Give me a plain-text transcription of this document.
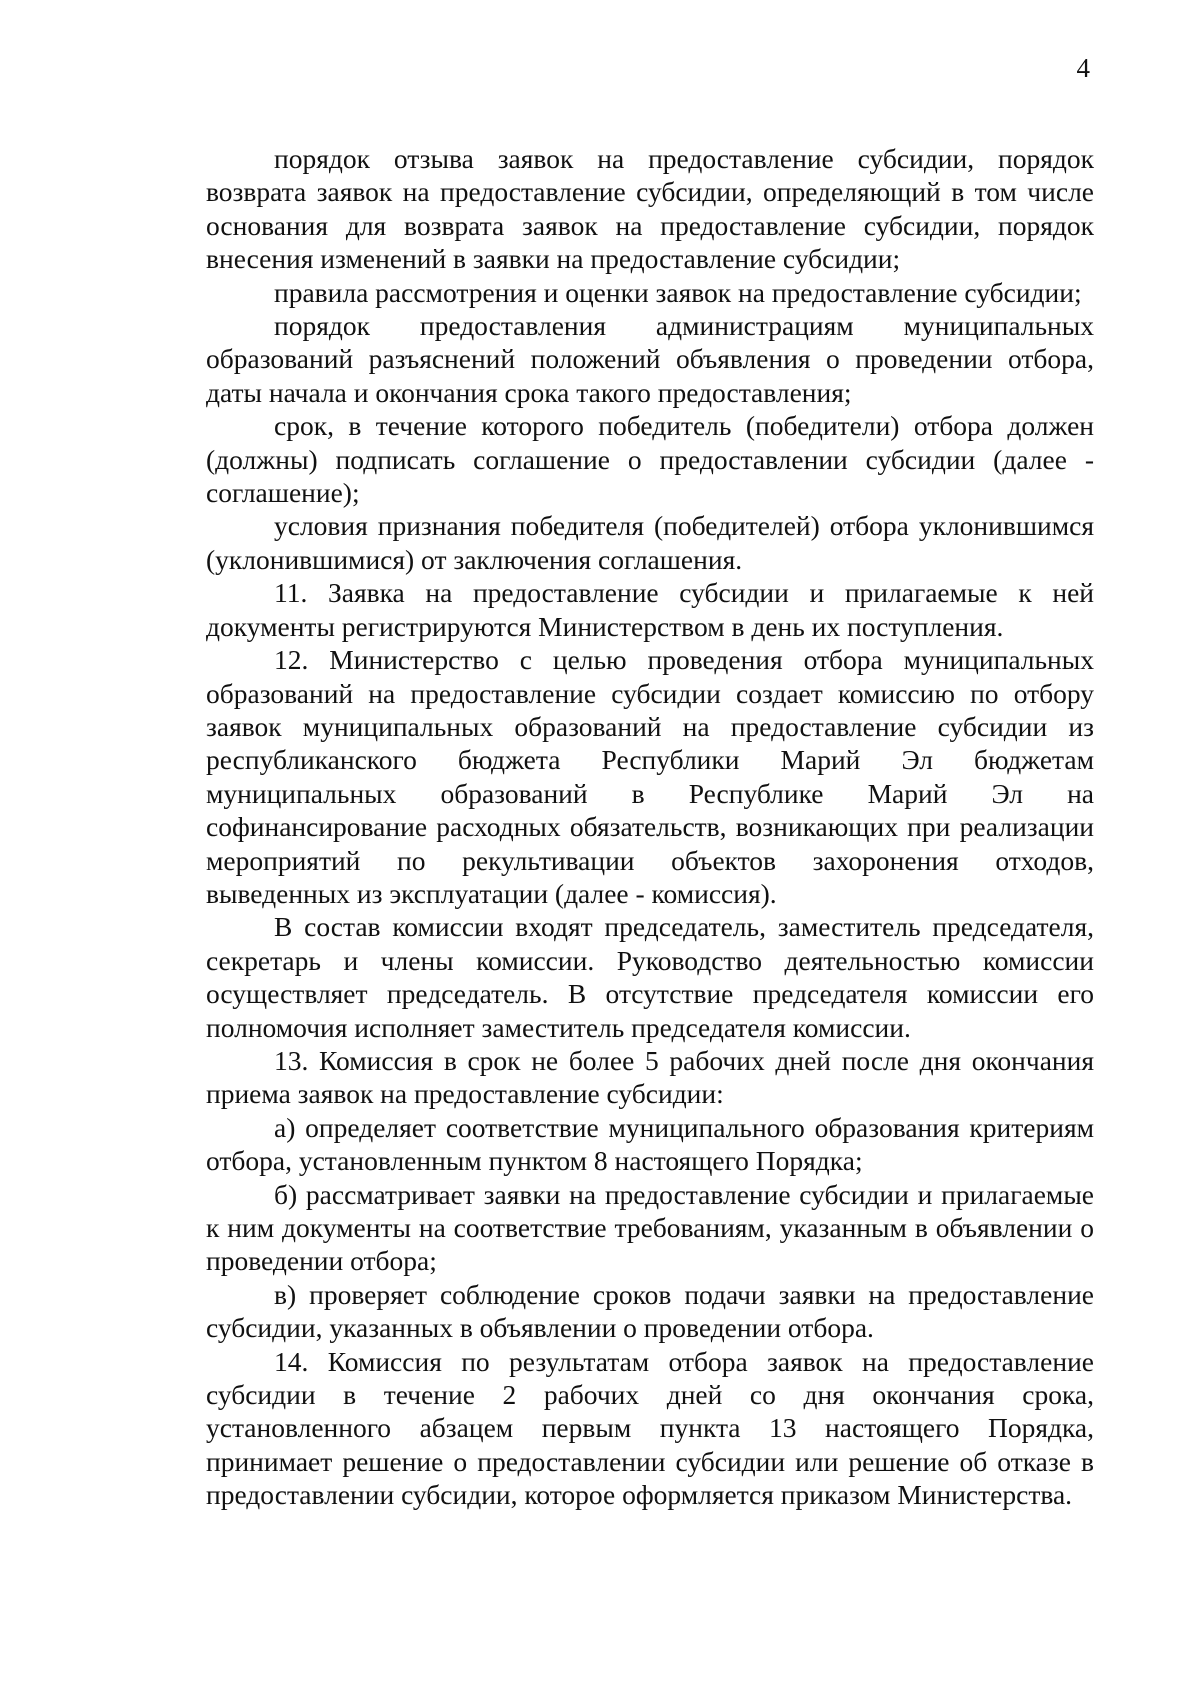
4

порядок отзыва заявок на предоставление субсидии, порядок возврата заявок на предоставление субсидии, определяющий в том числе основания для возврата заявок на предоставление субсидии, порядок внесения изменений в заявки на предоставление субсидии;

правила рассмотрения и оценки заявок на предоставление субсидии;

порядок предоставления администрациям муниципальных образований разъяснений положений объявления о проведении отбора, даты начала и окончания срока такого предоставления;

срок, в течение которого победитель (победители) отбора должен (должны) подписать соглашение о предоставлении субсидии (далее - соглашение);

условия признания победителя (победителей) отбора уклонившимся (уклонившимися) от заключения соглашения.

11. Заявка на предоставление субсидии и прилагаемые к ней документы регистрируются Министерством в день их поступления.

12. Министерство с целью проведения отбора муниципальных образований на предоставление субсидии создает комиссию по отбору заявок муниципальных образований на предоставление субсидии из республиканского бюджета Республики Марий Эл бюджетам муниципальных образований в Республике Марий Эл на софинансирование расходных обязательств, возникающих при реализации мероприятий по рекультивации объектов захоронения отходов, выведенных из эксплуатации (далее - комиссия).

В состав комиссии входят председатель, заместитель председателя, секретарь и члены комиссии. Руководство деятельностью комиссии осуществляет председатель. В отсутствие председателя комиссии его полномочия исполняет заместитель председателя комиссии.

13. Комиссия в срок не более 5 рабочих дней после дня окончания приема заявок на предоставление субсидии:

а) определяет соответствие муниципального образования критериям отбора, установленным пунктом 8 настоящего Порядка;

б) рассматривает заявки на предоставление субсидии и прилагаемые к ним документы на соответствие требованиям, указанным в объявлении о проведении отбора;

в) проверяет соблюдение сроков подачи заявки на предоставление субсидии, указанных в объявлении о проведении отбора.

14. Комиссия по результатам отбора заявок на предоставление субсидии в течение 2 рабочих дней со дня окончания срока, установленного абзацем первым пункта 13 настоящего Порядка, принимает решение о предоставлении субсидии или решение об отказе в предоставлении субсидии, которое оформляется приказом Министерства.
